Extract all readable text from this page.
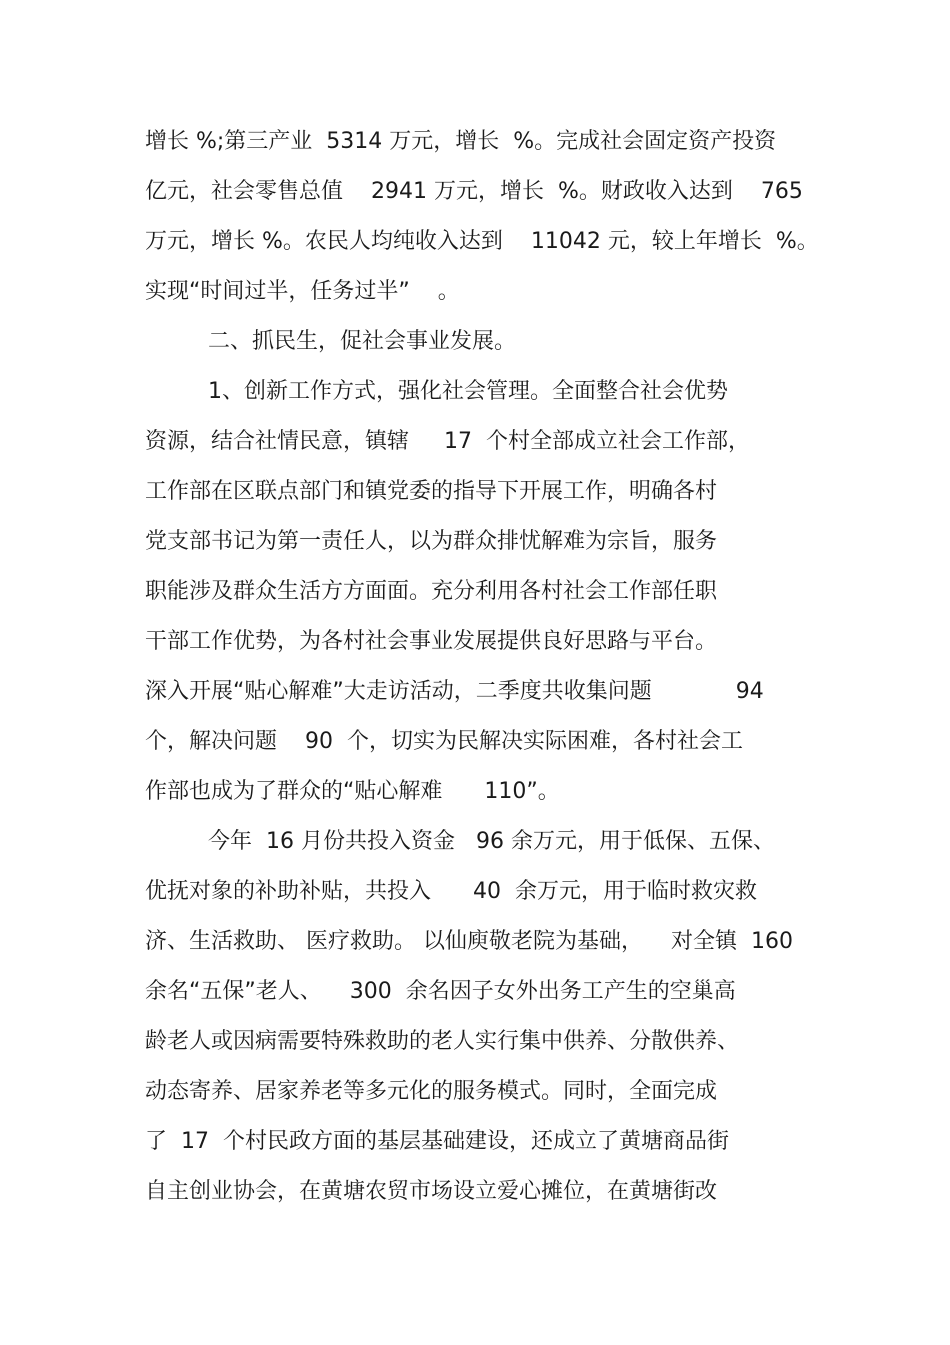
增长 %;第三产业  5314 万元，增长  %。完成社会固定资产投资
亿元，社会零售总值    2941 万元，增长  %。财政收入达到    765
万元，增长 %。农民人均纯收入达到    11042 元，较上年增长  %。
实现“时间过半，任务过半”    。
二、抓民生，促社会事业发展。
1、创新工作方式，强化社会管理。全面整合社会优势
资源，结合社情民意，镇辖     17  个村全部成立社会工作部，
工作部在区联点部门和镇党委的指导下开展工作，明确各村
党支部书记为第一责任人，以为群众排忧解难为宗旨，服务
职能涉及群众生活方方面面。充分利用各村社会工作部任职
干部工作优势，为各村社会事业发展提供良好思路与平台。
深入开展“贴心解难”大走访活动，二季度共收集问题            94
个，解决问题    90  个，切实为民解决实际困难，各村社会工
作部也成为了群众的“贴心解难      110”。
今年  16 月份共投入资金   96 余万元，用于低保、五保、
优抚对象的补助补贴，共投入      40  余万元，用于临时救灾救
济、生活救助、 医疗救助。 以仙庾敬老院为基础，    对全镇  160
余名“五保”老人、    300  余名因子女外出务工产生的空巢高
龄老人或因病需要特殊救助的老人实行集中供养、分散供养、
动态寄养、居家养老等多元化的服务模式。同时，全面完成
了  17  个村民政方面的基层基础建设，还成立了黄塘商品街
自主创业协会，在黄塘农贸市场设立爱心摊位，在黄塘街改
